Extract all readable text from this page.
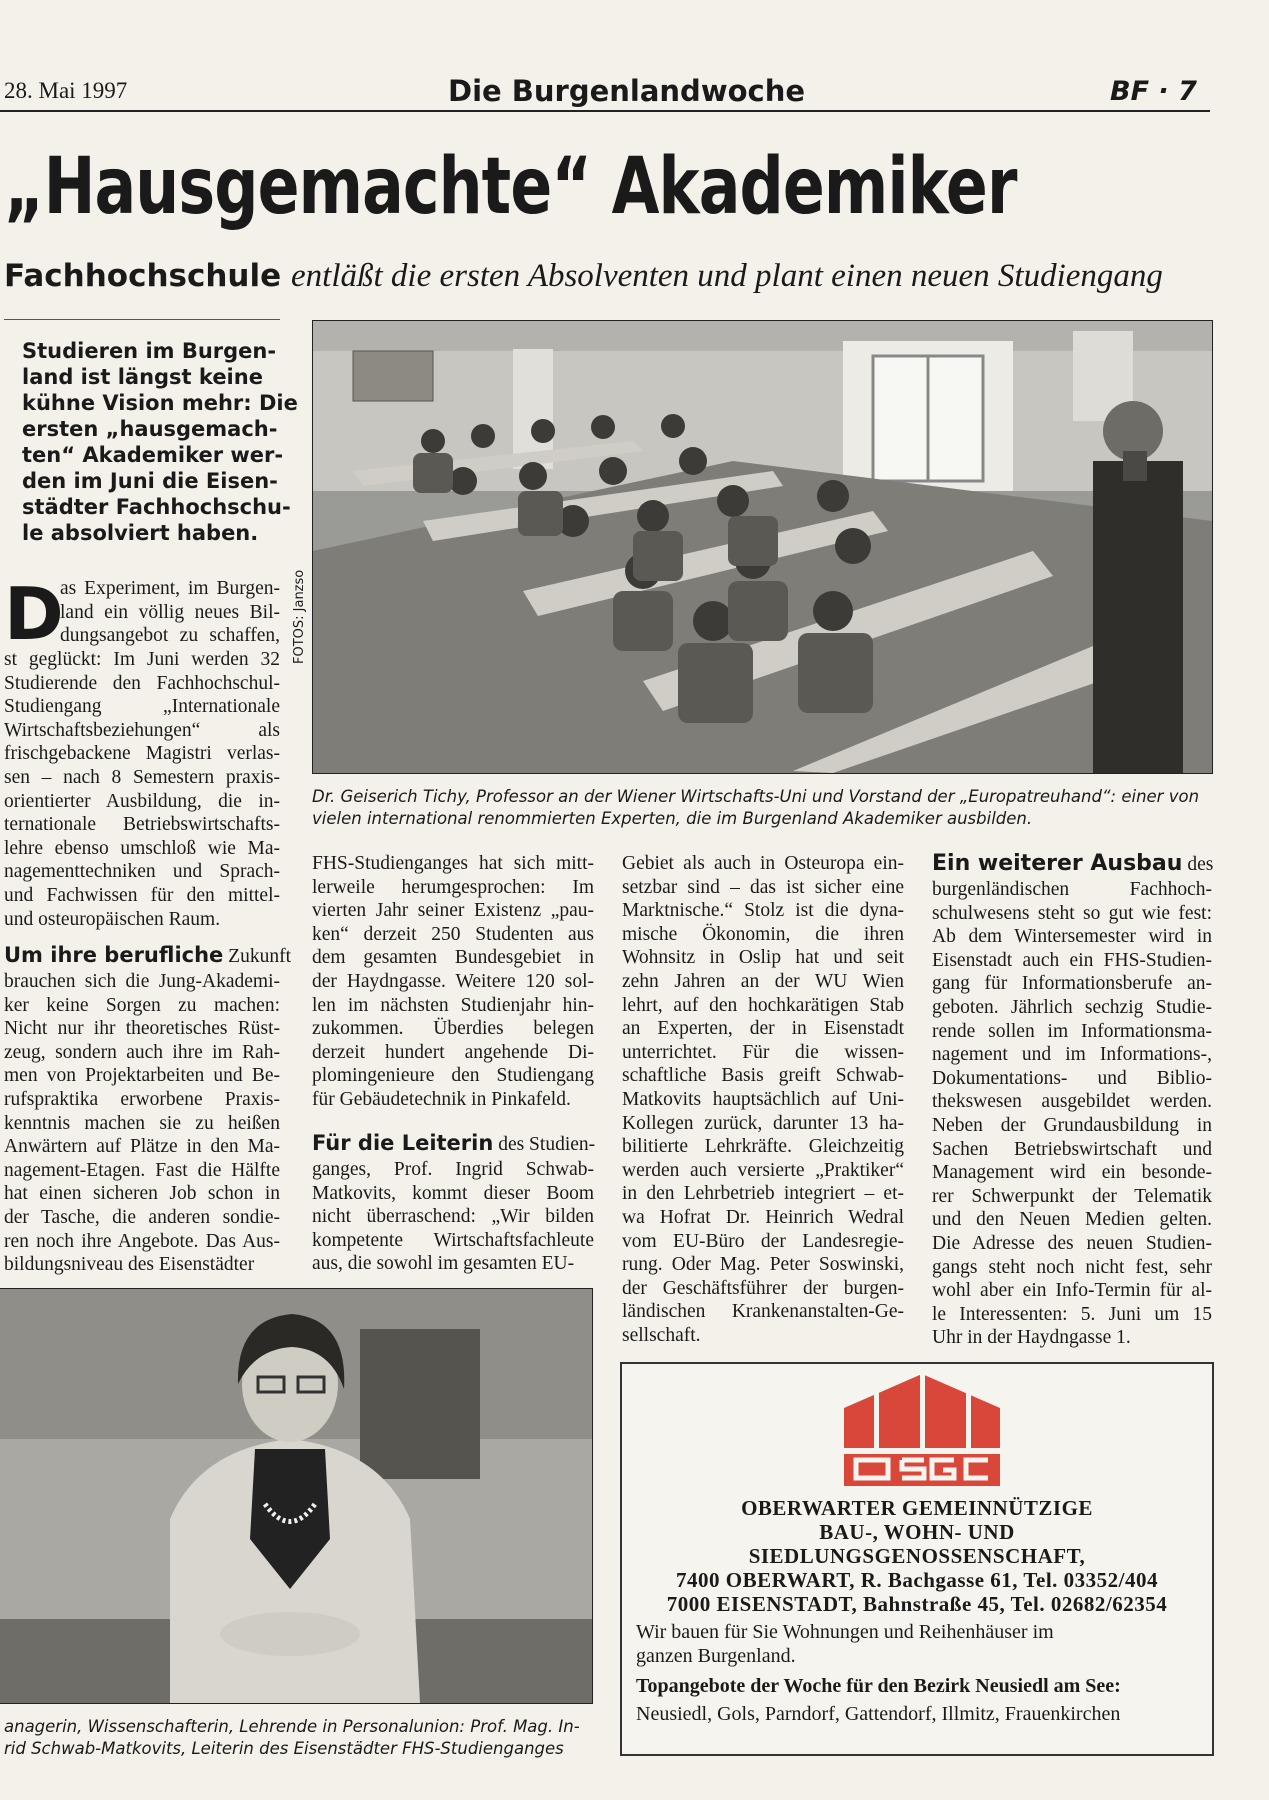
28. Mai 1997	Die Burgenlandwoche	BF · 7
„Hausgemachte“ Akademiker
Fachhochschule entläßt die ersten Absolventen und plant einen neuen Studiengang
Studieren im Burgen-
land ist längst keine
kühne Vision mehr: Die
ersten „hausgemach-
ten“ Akademiker wer-
den im Juni die Eisen-
städter Fachhochschu-
le absolviert haben.
D
as Experiment, im Burgen-
land ein völlig neues Bil-
dungsangebot zu schaffen,
st geglückt: Im Juni werden 32
Studierende den Fachhochschul-
Studiengang „Internationale
Wirtschaftsbeziehungen“ als
frischgebackene Magistri verlas-
sen – nach 8 Semestern praxis-
orientierter Ausbildung, die in-
ternationale Betriebswirtschafts-
lehre ebenso umschloß wie Ma-
nagementtechniken und Sprach-
und Fachwissen für den mittel-
und osteuropäischen Raum.
Um ihre berufliche Zukunft
brauchen sich die Jung-Akademi-
ker keine Sorgen zu machen:
Nicht nur ihr theoretisches Rüst-
zeug, sondern auch ihre im Rah-
men von Projektarbeiten und Be-
rufspraktika erworbene Praxis-
kenntnis machen sie zu heißen
Anwärtern auf Plätze in den Ma-
nagement-Etagen. Fast die Hälfte
hat einen sicheren Job schon in
der Tasche, die anderen sondie-
ren noch ihre Angebote. Das Aus-
bildungsniveau des Eisenstädter
FOTOS: Janzso
Dr. Geiserich Tichy, Professor an der Wiener Wirtschafts-Uni und Vorstand der „Europatreuhand“: einer von
vielen international renommierten Experten, die im Burgenland Akademiker ausbilden.
FHS-Studienganges hat sich mitt-
lerweile herumgesprochen: Im
vierten Jahr seiner Existenz „pau-
ken“ derzeit 250 Studenten aus
dem gesamten Bundesgebiet in
der Haydngasse. Weitere 120 sol-
len im nächsten Studienjahr hin-
zukommen. Überdies belegen
derzeit hundert angehende Di-
plomingenieure den Studiengang
für Gebäudetechnik in Pinkafeld.
Für die Leiterin des Studien-
ganges, Prof. Ingrid Schwab-
Matkovits, kommt dieser Boom
nicht überraschend: „Wir bilden
kompetente Wirtschaftsfachleute
aus, die sowohl im gesamten EU-
Gebiet als auch in Osteuropa ein-
setzbar sind – das ist sicher eine
Marktnische.“ Stolz ist die dyna-
mische Ökonomin, die ihren
Wohnsitz in Oslip hat und seit
zehn Jahren an der WU Wien
lehrt, auf den hochkarätigen Stab
an Experten, der in Eisenstadt
unterrichtet. Für die wissen-
schaftliche Basis greift Schwab-
Matkovits hauptsächlich auf Uni-
Kollegen zurück, darunter 13 ha-
bilitierte Lehrkräfte. Gleichzeitig
werden auch versierte „Praktiker“
in den Lehrbetrieb integriert – et-
wa Hofrat Dr. Heinrich Wedral
vom EU-Büro der Landesregie-
rung. Oder Mag. Peter Soswinski,
der Geschäftsführer der burgen-
ländischen Krankenanstalten-Ge-
sellschaft.
Ein weiterer Ausbau des
burgenländischen Fachhoch-
schulwesens steht so gut wie fest:
Ab dem Wintersemester wird in
Eisenstadt auch ein FHS-Studien-
gang für Informationsberufe an-
geboten. Jährlich sechzig Studie-
rende sollen im Informationsma-
nagement und im Informations-,
Dokumentations- und Biblio-
thekswesen ausgebildet werden.
Neben der Grundausbildung in
Sachen Betriebswirtschaft und
Management wird ein besonde-
rer Schwerpunkt der Telematik
und den Neuen Medien gelten.
Die Adresse des neuen Studien-
gangs steht noch nicht fest, sehr
wohl aber ein Info-Termin für al-
le Interessenten: 5. Juni um 15
Uhr in der Haydngasse 1.
anagerin, Wissenschafterin, Lehrende in Personalunion: Prof. Mag. In-
rid Schwab-Matkovits, Leiterin des Eisenstädter FHS-Studienganges
OSG
OBERWARTER GEMEINNÜTZIGE
BAU-, WOHN- UND
SIEDLUNGSGENOSSENSCHAFT,
7400 OBERWART, R. Bachgasse 61, Tel. 03352/404
7000 EISENSTADT, Bahnstraße 45, Tel. 02682/62354
Wir bauen für Sie Wohnungen und Reihenhäuser im
ganzen Burgenland.
Topangebote der Woche für den Bezirk Neusiedl am See:
Neusiedl, Gols, Parndorf, Gattendorf, Illmitz, Frauenkirchen
